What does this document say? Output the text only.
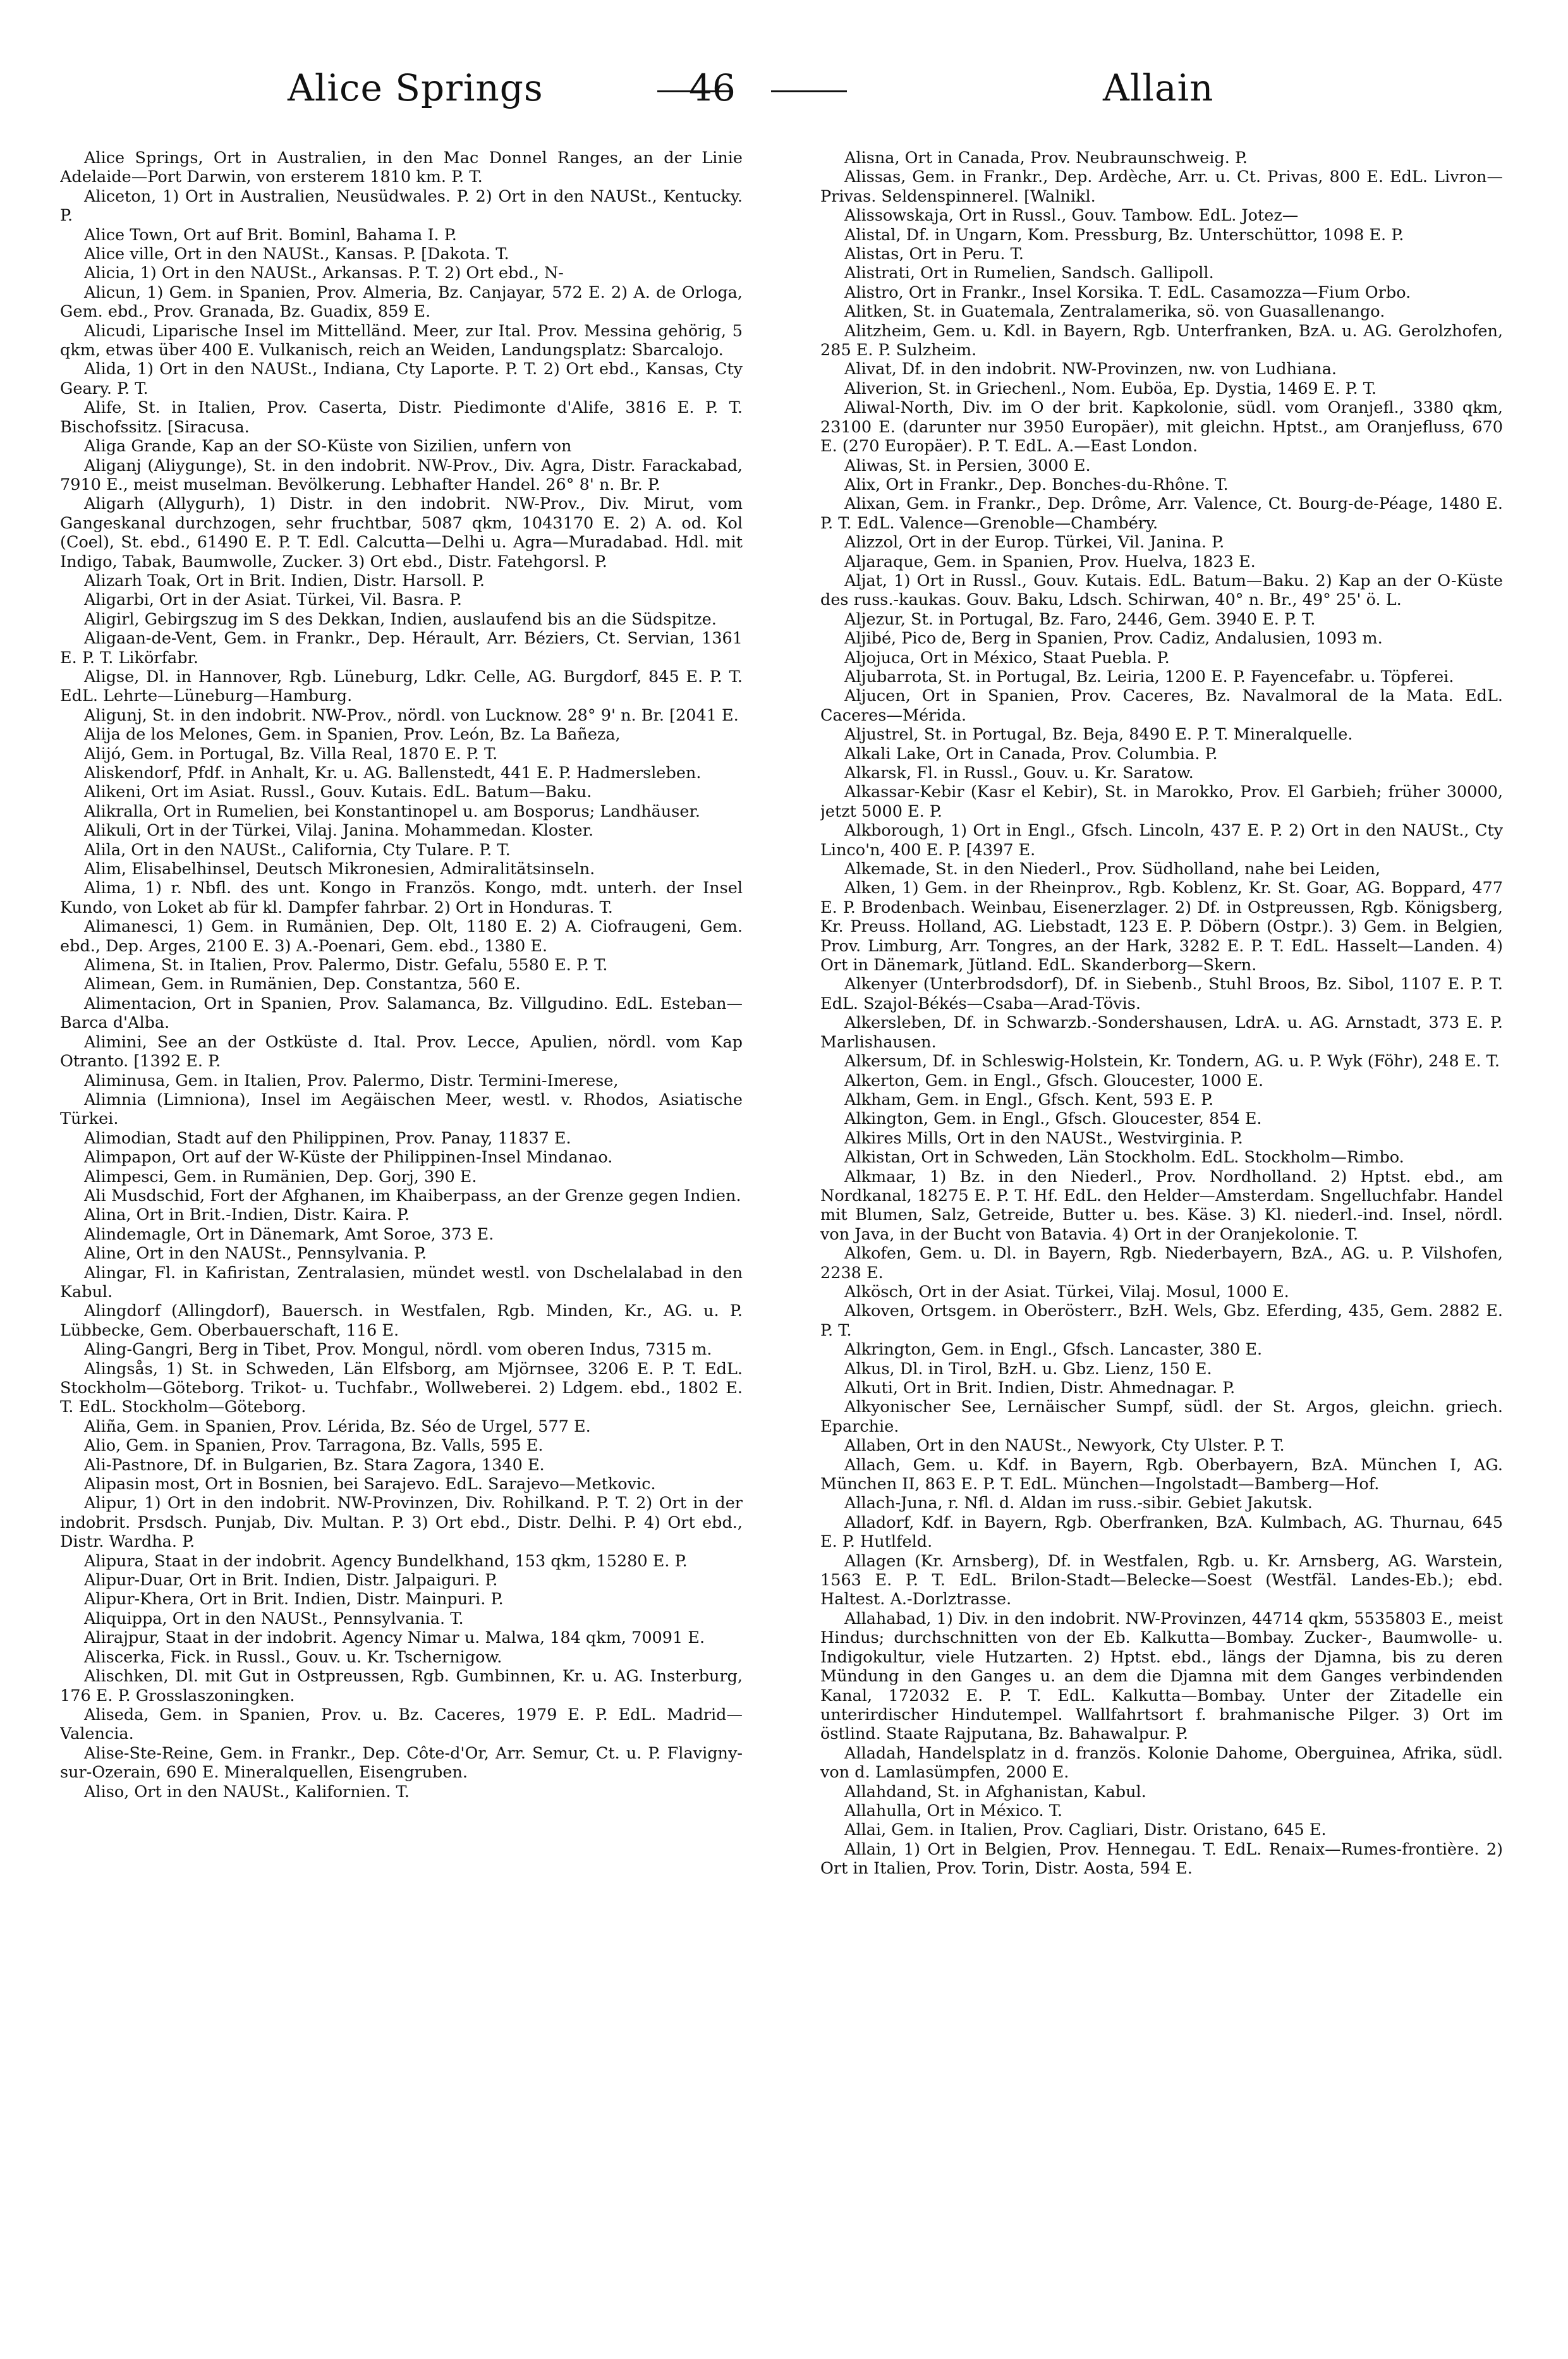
Alice Springs	46	Allain

Alice Springs, Ort in Australien, in den Mac Donnel Ranges, an der Linie Adelaide—Port Darwin, von ersterem 1810 km. P. T.

Aliceton, 1) Ort in Australien, Neusüdwales. P. 2) Ort in den NAUSt., Kentucky. P.

Alice Town, Ort auf Brit. Bominl, Bahama I. P.

Alice ville, Ort in den NAUSt., Kansas. P. [Dakota. T.

Alicia, 1) Ort in den NAUSt., Arkansas. P. T. 2) Ort ebd., N-

Alicun, 1) Gem. in Spanien, Prov. Almeria, Bz. Canjayar, 572 E. 2) A. de Orloga, Gem. ebd., Prov. Granada, Bz. Guadix, 859 E.

Alicudi, Liparische Insel im Mittelländ. Meer, zur Ital. Prov. Messina gehörig, 5 qkm, etwas über 400 E. Vulkanisch, reich an Weiden, Landungsplatz: Sbarcalojo.

Alida, 1) Ort in den NAUSt., Indiana, Cty Laporte. P. T. 2) Ort ebd., Kansas, Cty Geary. P. T.

Alife, St. in Italien, Prov. Caserta, Distr. Piedimonte d'Alife, 3816 E. P. T. Bischofssitz. [Siracusa.

Aliga Grande, Kap an der SO-Küste von Sizilien, unfern von

Aliganj (Aliygunge), St. in den indobrit. NW-Prov., Div. Agra, Distr. Farackabad, 7910 E., meist muselman. Bevölkerung. Lebhafter Handel. 26° 8' n. Br. P.

Aligarh (Allygurh), 1) Distr. in den indobrit. NW-Prov., Div. Mirut, vom Gangeskanal durchzogen, sehr fruchtbar, 5087 qkm, 1043170 E. 2) A. od. Kol (Coel), St. ebd., 61490 E. P. T. Edl. Calcutta—Delhi u. Agra—Muradabad. Hdl. mit Indigo, Tabak, Baumwolle, Zucker. 3) Ort ebd., Distr. Fatehgorsl. P.

Alizarh Toak, Ort in Brit. Indien, Distr. Harsoll. P.

Aligarbi, Ort in der Asiat. Türkei, Vil. Basra. P.

Aligirl, Gebirgszug im S des Dekkan, Indien, auslaufend bis an die Südspitze.

Aligaan-de-Vent, Gem. in Frankr., Dep. Hérault, Arr. Béziers, Ct. Servian, 1361 E. P. T. Likörfabr.

Aligse, Dl. in Hannover, Rgb. Lüneburg, Ldkr. Celle, AG. Burgdorf, 845 E. P. T. EdL. Lehrte—Lüneburg—Hamburg.

Aligunj, St. in den indobrit. NW-Prov., nördl. von Lucknow. 28° 9' n. Br. [2041 E.

Alija de los Melones, Gem. in Spanien, Prov. León, Bz. La Bañeza,

Alijó, Gem. in Portugal, Bz. Villa Real, 1870 E. P. T.

Aliskendorf, Pfdf. in Anhalt, Kr. u. AG. Ballenstedt, 441 E. P. Hadmersleben.

Alikeni, Ort im Asiat. Russl., Gouv. Kutais. EdL. Batum—Baku.

Alikralla, Ort in Rumelien, bei Konstantinopel u. am Bosporus; Landhäuser.

Alikuli, Ort in der Türkei, Vilaj. Janina. Mohammedan. Kloster.

Alila, Ort in den NAUSt., California, Cty Tulare. P. T.

Alim, Elisabelhinsel, Deutsch Mikronesien, Admiralitätsinseln.

Alima, 1) r. Nbfl. des unt. Kongo in Französ. Kongo, mdt. unterh. der Insel Kundo, von Loket ab für kl. Dampfer fahrbar. 2) Ort in Honduras. T.

Alimanesci, 1) Gem. in Rumänien, Dep. Olt, 1180 E. 2) A. Ciofraugeni, Gem. ebd., Dep. Arges, 2100 E. 3) A.-Poenari, Gem. ebd., 1380 E.

Alimena, St. in Italien, Prov. Palermo, Distr. Gefalu, 5580 E. P. T.

Alimean, Gem. in Rumänien, Dep. Constantza, 560 E.

Alimentacion, Ort in Spanien, Prov. Salamanca, Bz. Villgudino. EdL. Esteban—Barca d'Alba.

Alimini, See an der Ostküste d. Ital. Prov. Lecce, Apulien, nördl. vom Kap Otranto. [1392 E. P.

Aliminusa, Gem. in Italien, Prov. Palermo, Distr. Termini-Imerese,

Alimnia (Limniona), Insel im Aegäischen Meer, westl. v. Rhodos, Asiatische Türkei.

Alimodian, Stadt auf den Philippinen, Prov. Panay, 11837 E.

Alimpapon, Ort auf der W-Küste der Philippinen-Insel Mindanao.

Alimpesci, Gem. in Rumänien, Dep. Gorj, 390 E.

Ali Musdschid, Fort der Afghanen, im Khaiberpass, an der Grenze gegen Indien.

Alina, Ort in Brit.-Indien, Distr. Kaira. P.

Alindemagle, Ort in Dänemark, Amt Soroe, 373 E.

Aline, Ort in den NAUSt., Pennsylvania. P.

Alingar, Fl. in Kafiristan, Zentralasien, mündet westl. von Dschelalabad in den Kabul.

Alingdorf (Allingdorf), Bauersch. in Westfalen, Rgb. Minden, Kr., AG. u. P. Lübbecke, Gem. Oberbauerschaft, 116 E.

Aling-Gangri, Berg in Tibet, Prov. Mongul, nördl. vom oberen Indus, 7315 m.

Alingsås, 1) St. in Schweden, Län Elfsborg, am Mjörnsee, 3206 E. P. T. EdL. Stockholm—Göteborg. Trikot- u. Tuchfabr., Wollweberei. 2) Ldgem. ebd., 1802 E. T. EdL. Stockholm—Göteborg.

Aliña, Gem. in Spanien, Prov. Lérida, Bz. Séo de Urgel, 577 E.

Alio, Gem. in Spanien, Prov. Tarragona, Bz. Valls, 595 E.

Ali-Pastnore, Df. in Bulgarien, Bz. Stara Zagora, 1340 E.

Alipasin most, Ort in Bosnien, bei Sarajevo. EdL. Sarajevo—Metkovic.

Alipur, 1) Ort in den indobrit. NW-Provinzen, Div. Rohilkand. P. T. 2) Ort in der indobrit. Prsdsch. Punjab, Div. Multan. P. 3) Ort ebd., Distr. Delhi. P. 4) Ort ebd., Distr. Wardha. P.

Alipura, Staat in der indobrit. Agency Bundelkhand, 153 qkm, 15280 E. P.

Alipur-Duar, Ort in Brit. Indien, Distr. Jalpaiguri. P.

Alipur-Khera, Ort in Brit. Indien, Distr. Mainpuri. P.

Aliquippa, Ort in den NAUSt., Pennsylvania. T.

Alirajpur, Staat in der indobrit. Agency Nimar u. Malwa, 184 qkm, 70091 E.

Aliscerka, Fick. in Russl., Gouv. u. Kr. Tschernigow.

Alischken, Dl. mit Gut in Ostpreussen, Rgb. Gumbinnen, Kr. u. AG. Insterburg, 176 E. P. Grosslaszoningken.

Aliseda, Gem. in Spanien, Prov. u. Bz. Caceres, 1979 E. P. EdL. Madrid—Valencia.

Alise-Ste-Reine, Gem. in Frankr., Dep. Côte-d'Or, Arr. Semur, Ct. u. P. Flavigny-sur-Ozerain, 690 E. Mineralquellen, Eisengruben.

Aliso, Ort in den NAUSt., Kalifornien. T.

Alisna, Ort in Canada, Prov. Neubraunschweig. P.

Alissas, Gem. in Frankr., Dep. Ardèche, Arr. u. Ct. Privas, 800 E. EdL. Livron—Privas. Seldenspinnerel. [Walnikl.

Alissowskaja, Ort in Russl., Gouv. Tambow. EdL. Jotez—

Alistal, Df. in Ungarn, Kom. Pressburg, Bz. Unterschüttor, 1098 E. P.

Alistas, Ort in Peru. T.

Alistrati, Ort in Rumelien, Sandsch. Gallipoll.

Alistro, Ort in Frankr., Insel Korsika. T. EdL. Casamozza—Fium Orbo.

Alitken, St. in Guatemala, Zentralamerika, sö. von Guasallenango.

Alitzheim, Gem. u. Kdl. in Bayern, Rgb. Unterfranken, BzA. u. AG. Gerolzhofen, 285 E. P. Sulzheim.

Alivat, Df. in den indobrit. NW-Provinzen, nw. von Ludhiana.

Aliverion, St. in Griechenl., Nom. Euböa, Ep. Dystia, 1469 E. P. T.

Aliwal-North, Div. im O der brit. Kapkolonie, südl. vom Oranjefl., 3380 qkm, 23100 E. (darunter nur 3950 Europäer), mit gleichn. Hptst., am Oranjefluss, 670 E. (270 Europäer). P. T. EdL. A.—East London.

Aliwas, St. in Persien, 3000 E.

Alix, Ort in Frankr., Dep. Bonches-du-Rhône. T.

Alixan, Gem. in Frankr., Dep. Drôme, Arr. Valence, Ct. Bourg-de-Péage, 1480 E. P. T. EdL. Valence—Grenoble—Chambéry.

Alizzol, Ort in der Europ. Türkei, Vil. Janina. P.

Aljaraque, Gem. in Spanien, Prov. Huelva, 1823 E.

Aljat, 1) Ort in Russl., Gouv. Kutais. EdL. Batum—Baku. 2) Kap an der O-Küste des russ.-kaukas. Gouv. Baku, Ldsch. Schirwan, 40° n. Br., 49° 25' ö. L.

Aljezur, St. in Portugal, Bz. Faro, 2446, Gem. 3940 E. P. T.

Aljibé, Pico de, Berg in Spanien, Prov. Cadiz, Andalusien, 1093 m.

Aljojuca, Ort in México, Staat Puebla. P.

Aljubarrota, St. in Portugal, Bz. Leiria, 1200 E. P. Fayencefabr. u. Töpferei.

Aljucen, Ort in Spanien, Prov. Caceres, Bz. Navalmoral de la Mata. EdL. Caceres—Mérida.

Aljustrel, St. in Portugal, Bz. Beja, 8490 E. P. T. Mineralquelle.

Alkali Lake, Ort in Canada, Prov. Columbia. P.

Alkarsk, Fl. in Russl., Gouv. u. Kr. Saratow.

Alkassar-Kebir (Kasr el Kebir), St. in Marokko, Prov. El Garbieh; früher 30000, jetzt 5000 E. P.

Alkborough, 1) Ort in Engl., Gfsch. Lincoln, 437 E. P. 2) Ort in den NAUSt., Cty Linco'n, 400 E. P. [4397 E.

Alkemade, St. in den Niederl., Prov. Südholland, nahe bei Leiden,

Alken, 1) Gem. in der Rheinprov., Rgb. Koblenz, Kr. St. Goar, AG. Boppard, 477 E. P. Brodenbach. Weinbau, Eisenerzlager. 2) Df. in Ostpreussen, Rgb. Königsberg, Kr. Preuss. Holland, AG. Liebstadt, 123 E. P. Döbern (Ostpr.). 3) Gem. in Belgien, Prov. Limburg, Arr. Tongres, an der Hark, 3282 E. P. T. EdL. Hasselt—Landen. 4) Ort in Dänemark, Jütland. EdL. Skanderborg—Skern.

Alkenyer (Unterbrodsdorf), Df. in Siebenb., Stuhl Broos, Bz. Sibol, 1107 E. P. T. EdL. Szajol-Békés—Csaba—Arad-Tövis.

Alkersleben, Df. in Schwarzb.-Sondershausen, LdrA. u. AG. Arnstadt, 373 E. P. Marlishausen.

Alkersum, Df. in Schleswig-Holstein, Kr. Tondern, AG. u. P. Wyk (Föhr), 248 E. T.

Alkerton, Gem. in Engl., Gfsch. Gloucester, 1000 E.

Alkham, Gem. in Engl., Gfsch. Kent, 593 E. P.

Alkington, Gem. in Engl., Gfsch. Gloucester, 854 E.

Alkires Mills, Ort in den NAUSt., Westvirginia. P.

Alkistan, Ort in Schweden, Län Stockholm. EdL. Stockholm—Rimbo.

Alkmaar, 1) Bz. in den Niederl., Prov. Nordholland. 2) Hptst. ebd., am Nordkanal, 18275 E. P. T. Hf. EdL. den Helder—Amsterdam. Sngelluchfabr. Handel mit Blumen, Salz, Getreide, Butter u. bes. Käse. 3) Kl. niederl.-ind. Insel, nördl. von Java, in der Bucht von Batavia. 4) Ort in der Oranjekolonie. T.

Alkofen, Gem. u. Dl. in Bayern, Rgb. Niederbayern, BzA., AG. u. P. Vilshofen, 2238 E.

Alkösch, Ort in der Asiat. Türkei, Vilaj. Mosul, 1000 E.

Alkoven, Ortsgem. in Oberösterr., BzH. Wels, Gbz. Eferding, 435, Gem. 2882 E. P. T.

Alkrington, Gem. in Engl., Gfsch. Lancaster, 380 E.

Alkus, Dl. in Tirol, BzH. u. Gbz. Lienz, 150 E.

Alkuti, Ort in Brit. Indien, Distr. Ahmednagar. P.

Alkyonischer See, Lernäischer Sumpf, südl. der St. Argos, gleichn. griech. Eparchie.

Allaben, Ort in den NAUSt., Newyork, Cty Ulster. P. T.

Allach, Gem. u. Kdf. in Bayern, Rgb. Oberbayern, BzA. München I, AG. München II, 863 E. P. T. EdL. München—Ingolstadt—Bamberg—Hof.

Allach-Juna, r. Nfl. d. Aldan im russ.-sibir. Gebiet Jakutsk.

Alladorf, Kdf. in Bayern, Rgb. Oberfranken, BzA. Kulmbach, AG. Thurnau, 645 E. P. Hutlfeld.

Allagen (Kr. Arnsberg), Df. in Westfalen, Rgb. u. Kr. Arnsberg, AG. Warstein, 1563 E. P. T. EdL. Brilon-Stadt—Belecke—Soest (Westfäl. Landes-Eb.); ebd. Haltest. A.-Dorlztrasse.

Allahabad, 1) Div. in den indobrit. NW-Provinzen, 44714 qkm, 5535803 E., meist Hindus; durchschnitten von der Eb. Kalkutta—Bombay. Zucker-, Baumwolle- u. Indigokultur, viele Hutzarten. 2) Hptst. ebd., längs der Djamna, bis zu deren Mündung in den Ganges u. an dem die Djamna mit dem Ganges verbindenden Kanal, 172032 E. P. T. EdL. Kalkutta—Bombay. Unter der Zitadelle ein unterirdischer Hindutempel. Wallfahrtsort f. brahmanische Pilger. 3) Ort im östlind. Staate Rajputana, Bz. Bahawalpur. P.

Alladah, Handelsplatz in d. französ. Kolonie Dahome, Oberguinea, Afrika, südl. von d. Lamlasümpfen, 2000 E.

Allahdand, St. in Afghanistan, Kabul.

Allahulla, Ort in México. T.

Allai, Gem. in Italien, Prov. Cagliari, Distr. Oristano, 645 E.

Allain, 1) Ort in Belgien, Prov. Hennegau. T. EdL. Renaix—Rumes-frontière. 2) Ort in Italien, Prov. Torin, Distr. Aosta, 594 E.
